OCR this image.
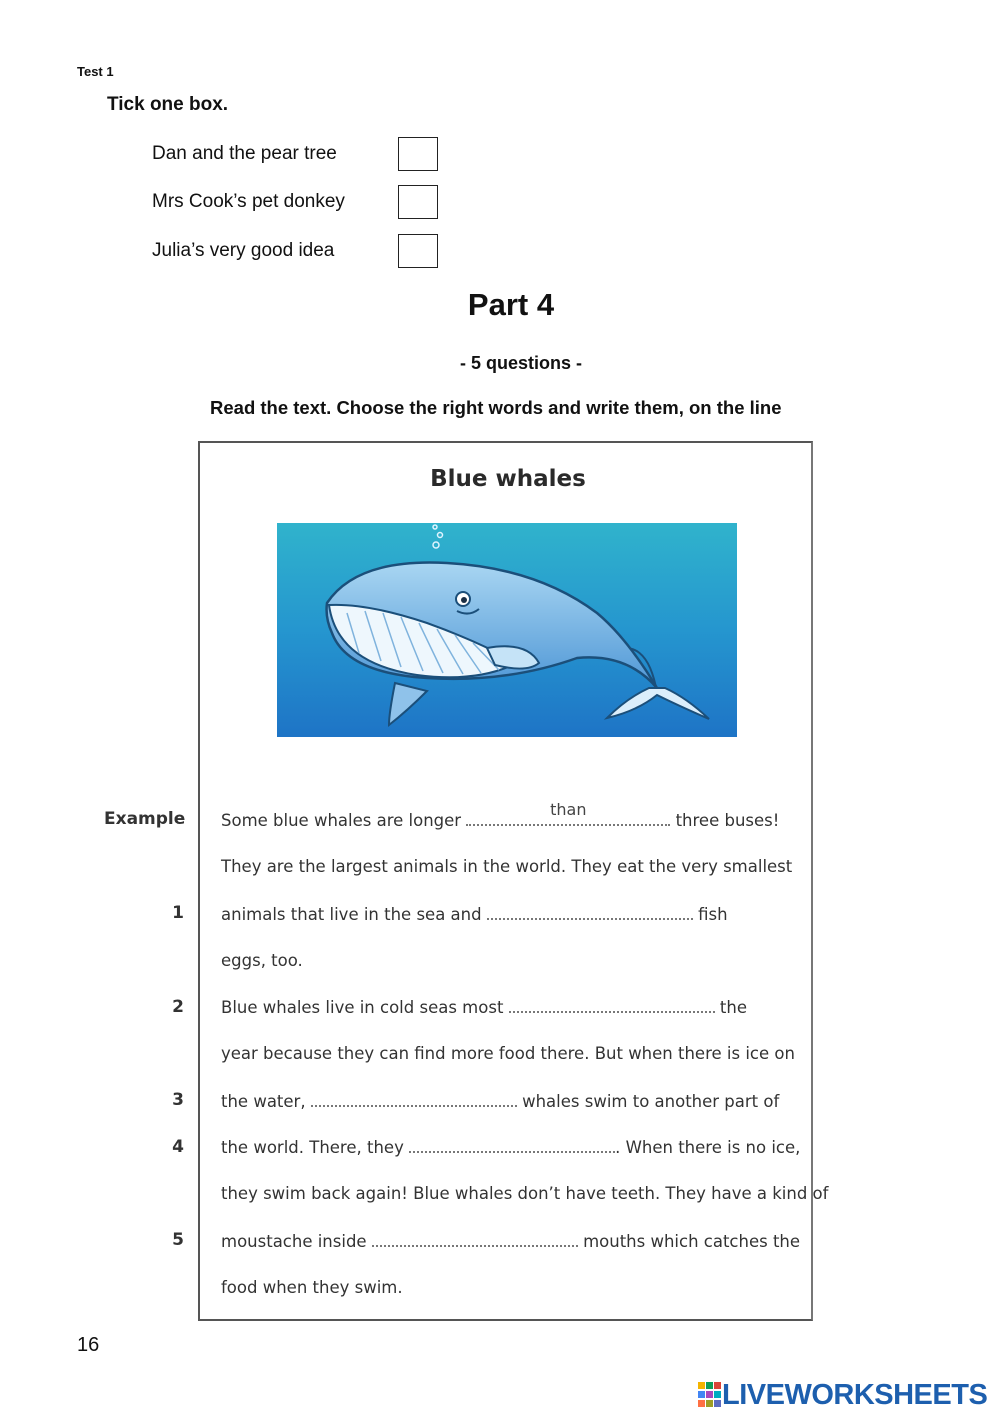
Test 1
Tick one box.
Dan and the pear tree
Mrs Cook’s pet donkey
Julia’s very good idea
Part 4
- 5 questions -
Read the text. Choose the right words and write them, on the line
Blue whales
Example
1
2
3
4
5
Some blue whales are longer
than
three buses!
They are the largest animals in the world. They eat the very smallest
animals that live in the sea and	fish
eggs, too.
Blue whales live in cold seas most	the
year because they can find more food there. But when there is ice on
the water,	whales swim to another part of
the world. There, they	. When there is no ice,
they swim back again! Blue whales don’t have teeth. They have a kind of
moustache inside	mouths which catches the
food when they swim.
16
LIVEWORKSHEETS
